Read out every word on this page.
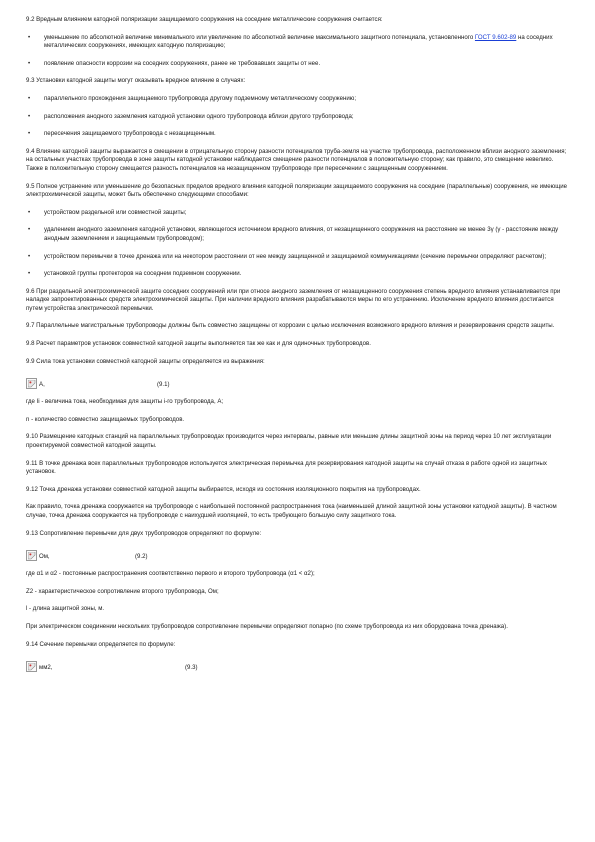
9.2 Вредным влиянием катодной поляризации защищаемого сооружения на соседние металлические сооружения считается:

• уменьшение по абсолютной величине минимального или увеличение по абсолютной величине максимального защитного потенциала, установленного ГОСТ 9.602-89 на соседних металлических сооружениях, имеющих катодную поляризацию;

• появление опасности коррозии на соседних сооружениях, ранее не требовавших защиты от нее.

9.3 Установки катодной защиты могут оказывать вредное влияние в случаях:

• параллельного прохождения защищаемого трубопровода другому подземному металлическому сооружению;

• расположения анодного заземления катодной установки одного трубопровода вблизи другого трубопровода;

• пересечения защищаемого трубопровода с незащищенным.

9.4 Влияние катодной защиты выражается в смещении в отрицательную сторону разности потенциалов труба-земля на участке трубопровода, расположенном вблизи анодного заземления; на остальных участках трубопровода в зоне защиты катодной установки наблюдается смещение разности потенциалов в положительную сторону; как правило, это смещение невелико. Также в положительную сторону смещается разность потенциалов на незащищенном трубопроводе при пересечении с защищенным сооружением.

9.5 Полное устранение или уменьшение до безопасных пределов вредного влияния катодной поляризации защищаемого сооружения на соседние (параллельные) сооружения, не имеющие электрохимической защиты, может быть обеспечено следующими способами:

• устройством раздельной или совместной защиты;

• удалением анодного заземления катодной установки, являющегося источником вредного влияния, от незащищенного сооружения на расстояние не менее 3γ (γ - расстояние между анодным заземлением и защищаемым трубопроводом);

• устройством перемычки в точке дренажа или на некотором расстоянии от нее между защищенной и защищаемой коммуникациями (сечение перемычки определяют расчетом);

• установкой группы протекторов на соседнем подземном сооружении.

9.6 При раздельной электрохимической защите соседних сооружений или при относе анодного заземления от незащищенного сооружения степень вредного влияния устанавливается при наладке запроектированных средств электрохимической защиты. При наличии вредного влияния разрабатываются меры по его устранению. Исключение вредного влияния достигается путем устройства электрической перемычки.

9.7 Параллельные магистральные трубопроводы должны быть совместно защищены от коррозии с целью исключения возможного вредного влияния и резервирования средств защиты.

9.8 Расчет параметров установок совместной катодной защиты выполняется так же как и для одиночных трубопроводов.

9.9 Сила тока установки совместной катодной защиты определяется из выражения:

А,	(9.1)

где Ii - величина тока, необходимая для защиты i-го трубопровода, А;

n - количество совместно защищаемых трубопроводов.

9.10 Размещение катодных станций на параллельных трубопроводах производится через интервалы, равные или меньшие длины защитной зоны на период через 10 лет эксплуатации проектируемой совместной катодной защиты.

9.11 В точке дренажа всех параллельных трубопроводов используется электрическая перемычка для резервирования катодной защиты на случай отказа в работе одной из защитных установок.

9.12 Точка дренажа установки совместной катодной защиты выбирается, исходя из состояния изоляционного покрытия на трубопроводах.

Как правило, точка дренажа сооружается на трубопроводе с наибольшей постоянной распространения тока (наименьшей длиной защитной зоны установки катодной защиты). В частном случае, точка дренажа сооружается на трубопроводе с наихудшей изоляцией, то есть требующего большую силу защитного тока.

9.13 Сопротивление перемычки для двух трубопроводов определяют по формуле:

Ом,	(9.2)

где α1 и α2 - постоянные распространения соответственно первого и второго трубопровода (α1 < α2);

Z2 - характеристическое сопротивление второго трубопровода, Ом;

l - длина защитной зоны, м.

При электрическом соединении нескольких трубопроводов сопротивление перемычки определяют попарно (по схеме трубопровода из них оборудована точка дренажа).

9.14 Сечение перемычки определяется по формуле:

мм2,	(9.3)
